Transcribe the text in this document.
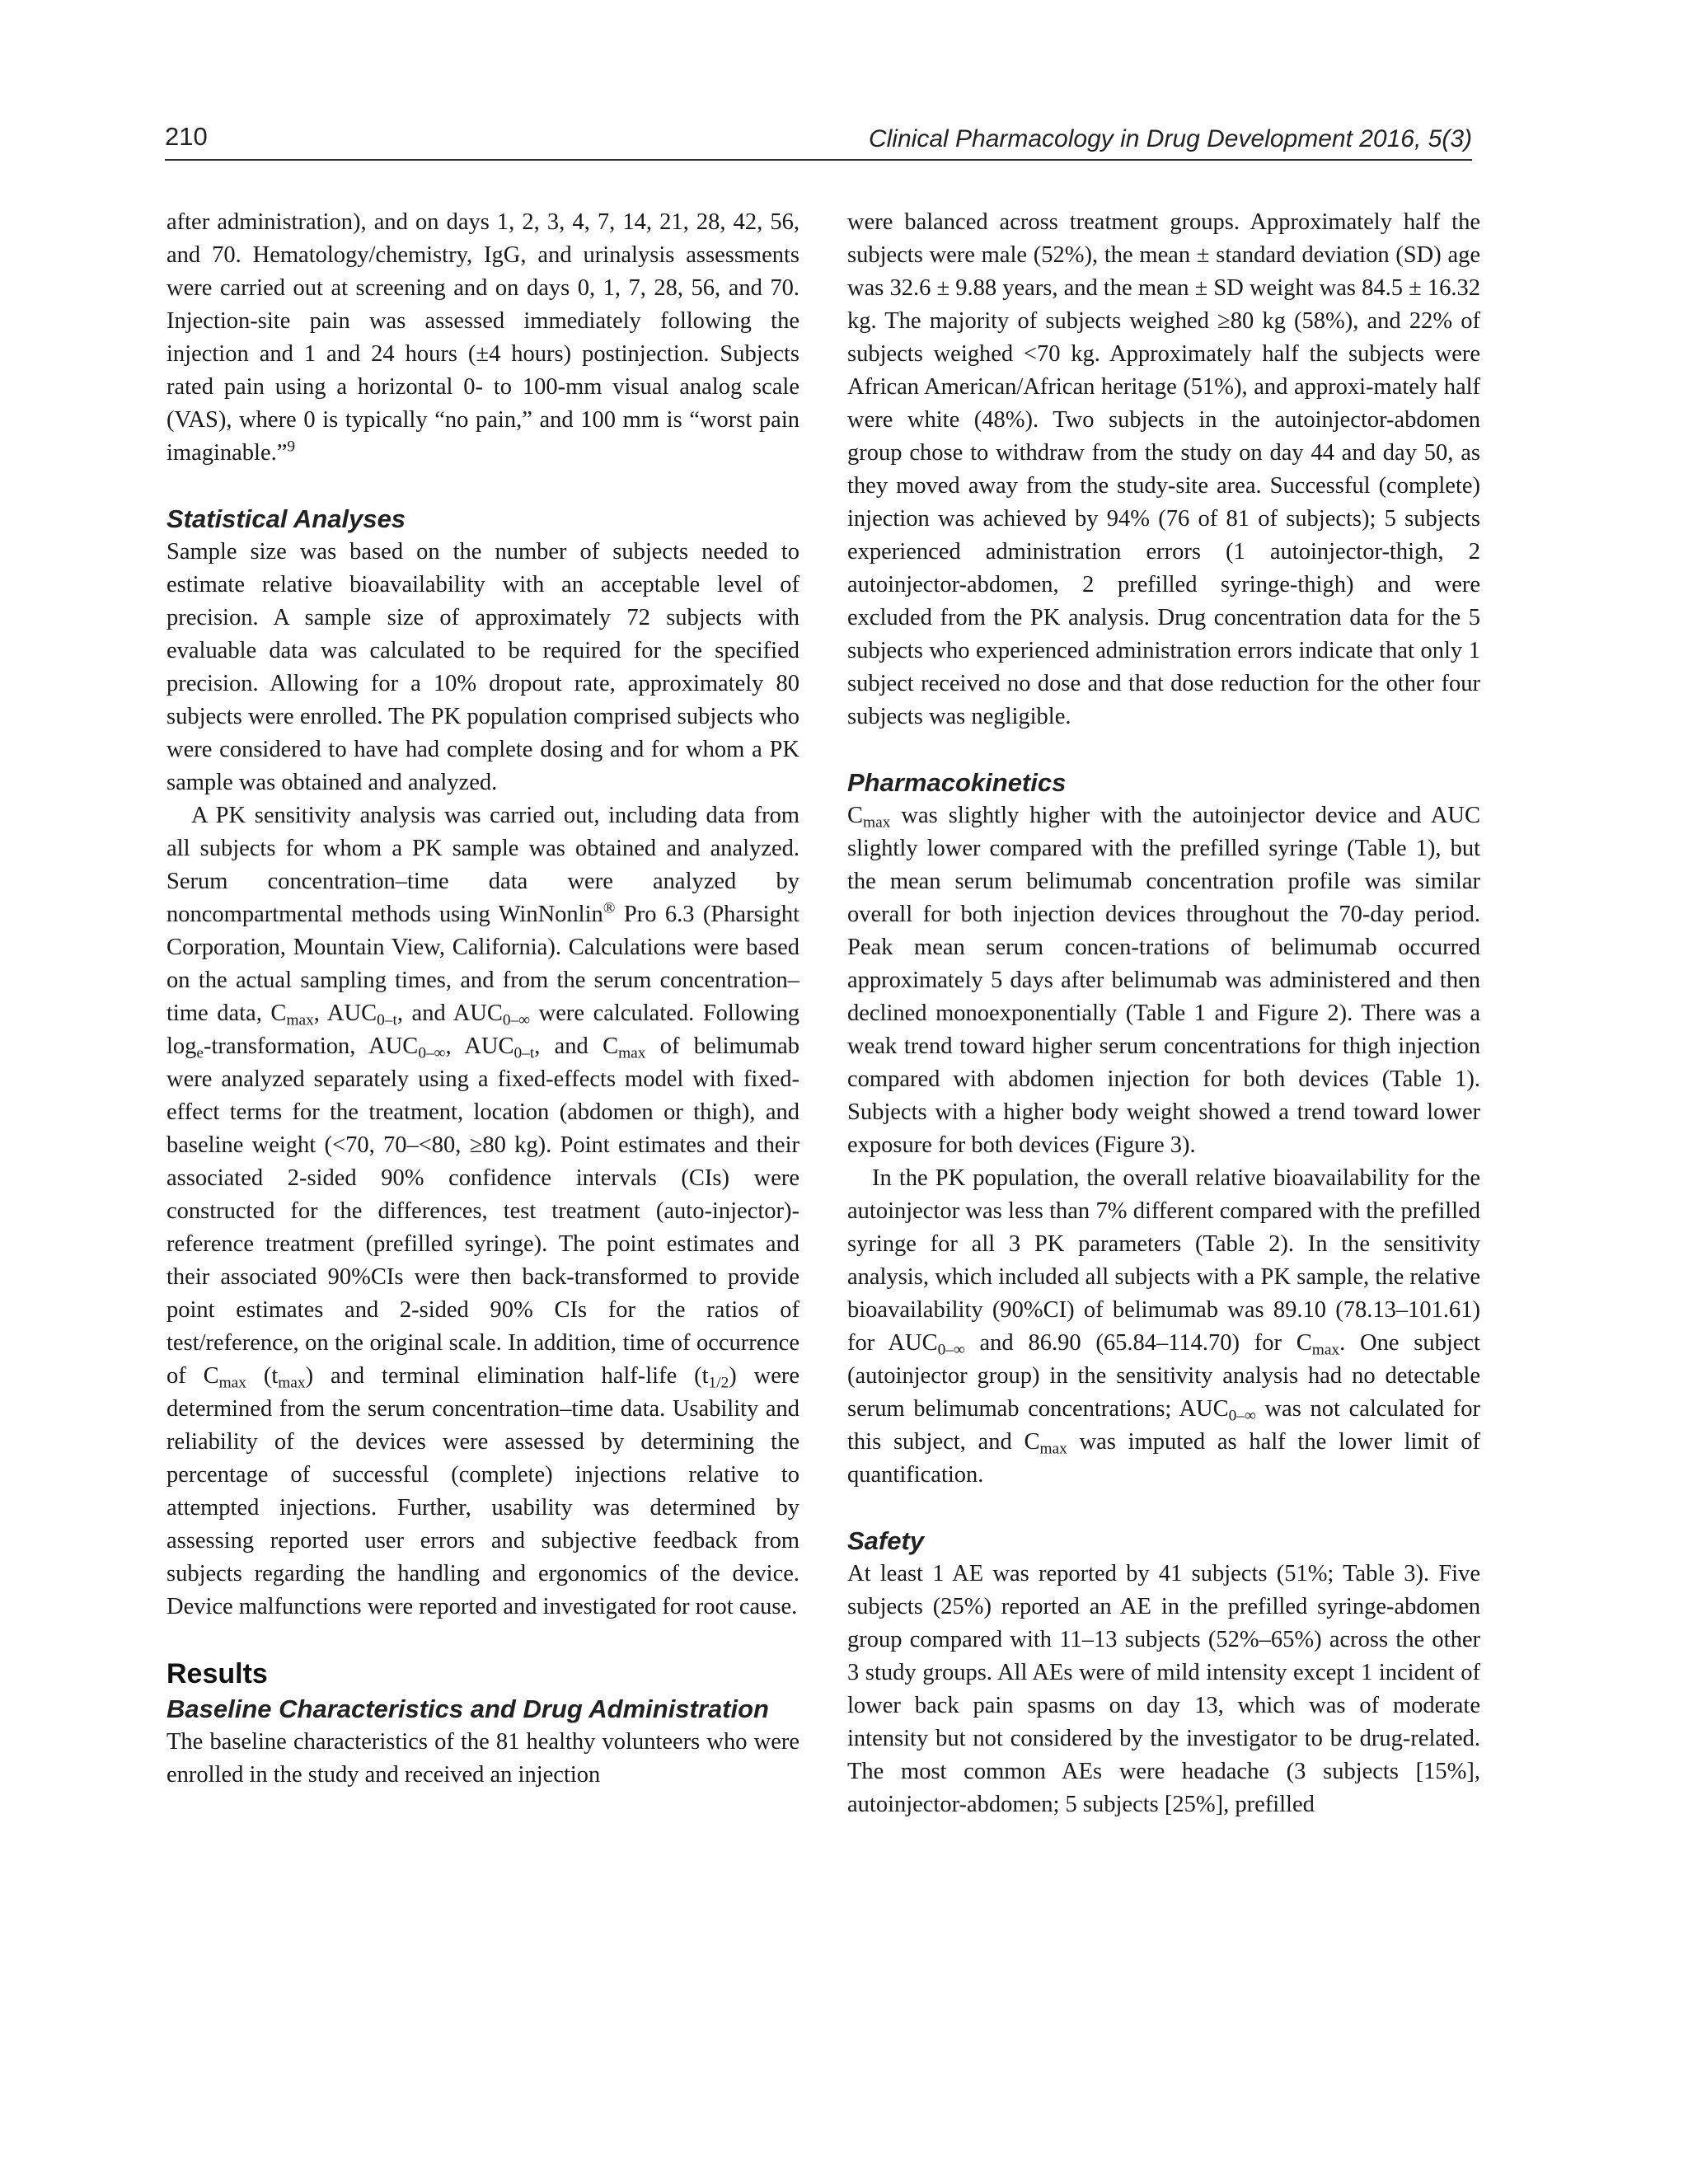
210	Clinical Pharmacology in Drug Development 2016, 5(3)

after administration), and on days 1, 2, 3, 4, 7, 14, 21, 28, 42, 56, and 70. Hematology/chemistry, IgG, and urinalysis assessments were carried out at screening and on days 0, 1, 7, 28, 56, and 70. Injection-site pain was assessed immediately following the injection and 1 and 24 hours (±4 hours) postinjection. Subjects rated pain using a horizontal 0- to 100-mm visual analog scale (VAS), where 0 is typically “no pain,” and 100 mm is “worst pain imaginable.”$^9$

Statistical Analyses

Sample size was based on the number of subjects needed to estimate relative bioavailability with an acceptable level of precision. A sample size of approximately 72 subjects with evaluable data was calculated to be required for the specified precision. Allowing for a 10% dropout rate, approximately 80 subjects were enrolled. The PK population comprised subjects who were considered to have had complete dosing and for whom a PK sample was obtained and analyzed.

A PK sensitivity analysis was carried out, including data from all subjects for whom a PK sample was obtained and analyzed. Serum concentration–time data were analyzed by noncompartmental methods using WinNonlin® Pro 6.3 (Pharsight Corporation, Mountain View, California). Calculations were based on the actual sampling times, and from the serum concentration–time data, $C_{max}$, $AUC_{0-t}$, and $AUC_{0-\infty}$ were calculated. Following $\log_e$-transformation, $AUC_{0-\infty}$, $AUC_{0-t}$, and $C_{max}$ of belimumab were analyzed separately using a fixed-effects model with fixed-effect terms for the treatment, location (abdomen or thigh), and baseline weight (<70, 70–<80, ≥80 kg). Point estimates and their associated 2-sided 90% confidence intervals (CIs) were constructed for the differences, test treatment (auto-injector)-reference treatment (prefilled syringe). The point estimates and their associated 90%CIs were then back-transformed to provide point estimates and 2-sided 90% CIs for the ratios of test/reference, on the original scale. In addition, time of occurrence of $C_{max}$ $(t_{max})$ and terminal elimination half-life $(t_{1/2})$ were determined from the serum concentration–time data. Usability and reliability of the devices were assessed by determining the percentage of successful (complete) injections relative to attempted injections. Further, usability was determined by assessing reported user errors and subjective feedback from subjects regarding the handling and ergonomics of the device. Device malfunctions were reported and investigated for root cause.

Results
Baseline Characteristics and Drug Administration

The baseline characteristics of the 81 healthy volunteers who were enrolled in the study and received an injection

were balanced across treatment groups. Approximately half the subjects were male (52%), the mean ± standard deviation (SD) age was 32.6 ± 9.88 years, and the mean ± SD weight was 84.5 ± 16.32 kg. The majority of subjects weighed ≥80 kg (58%), and 22% of subjects weighed <70 kg. Approximately half the subjects were African American/African heritage (51%), and approxi-mately half were white (48%). Two subjects in the autoinjector-abdomen group chose to withdraw from the study on day 44 and day 50, as they moved away from the study-site area. Successful (complete) injection was achieved by 94% (76 of 81 of subjects); 5 subjects experienced administration errors (1 autoinjector-thigh, 2 autoinjector-abdomen, 2 prefilled syringe-thigh) and were excluded from the PK analysis. Drug concentration data for the 5 subjects who experienced administration errors indicate that only 1 subject received no dose and that dose reduction for the other four subjects was negligible.

Pharmacokinetics

$C_{max}$ was slightly higher with the autoinjector device and AUC slightly lower compared with the prefilled syringe (Table 1), but the mean serum belimumab concentration profile was similar overall for both injection devices throughout the 70-day period. Peak mean serum concen-trations of belimumab occurred approximately 5 days after belimumab was administered and then declined monoexponentially (Table 1 and Figure 2). There was a weak trend toward higher serum concentrations for thigh injection compared with abdomen injection for both devices (Table 1). Subjects with a higher body weight showed a trend toward lower exposure for both devices (Figure 3).

In the PK population, the overall relative bioavailability for the autoinjector was less than 7% different compared with the prefilled syringe for all 3 PK parameters (Table 2). In the sensitivity analysis, which included all subjects with a PK sample, the relative bioavailability (90%CI) of belimumab was 89.10 (78.13–101.61) for $AUC_{0-\infty}$ and 86.90 (65.84–114.70) for $C_{max}$. One subject (autoinjector group) in the sensitivity analysis had no detectable serum belimumab concentrations; $AUC_{0-\infty}$ was not calculated for this subject, and $C_{max}$ was imputed as half the lower limit of quantification.

Safety

At least 1 AE was reported by 41 subjects (51%; Table 3). Five subjects (25%) reported an AE in the prefilled syringe-abdomen group compared with 11–13 subjects (52%–65%) across the other 3 study groups. All AEs were of mild intensity except 1 incident of lower back pain spasms on day 13, which was of moderate intensity but not considered by the investigator to be drug-related. The most common AEs were headache (3 subjects [15%], autoinjector-abdomen; 5 subjects [25%], prefilled
